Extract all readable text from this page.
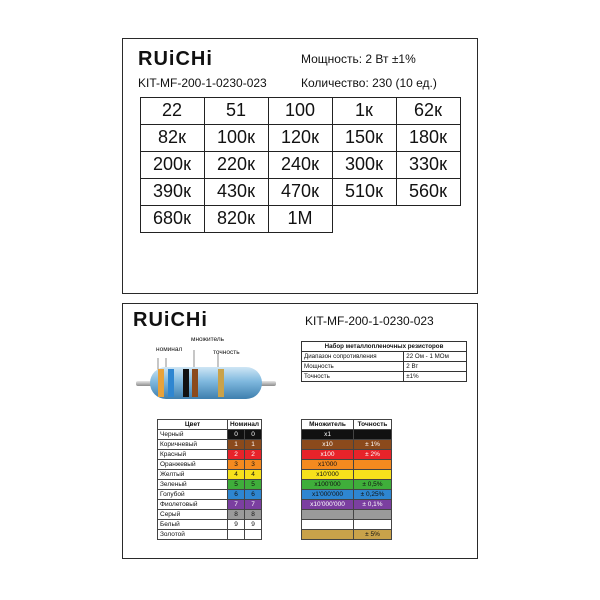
RUiCHi	Мощность: 2 Вт ±1%
KIT-MF-200-1-0230-023	Количество: 230 (10 ед.)
22	51	100	1к	62к
82к	100к	120к	150к	180к
200к	220к	240к	300к	330к
390к	430к	470к	510к	560к
680к	820к	1М
RUiCHi	KIT-MF-200-1-0230-023
множитель
номинал	точность
Набор металлопленочных резисторов	
Диапазон сопротивления	22 Ом - 1 МОм
Мощность	2 Вт
Точность	±1%
Цвет	Номинал	
Черный	0	0
Коричневый	1	1
Красный	2	2
Оранжевый	3	3
Желтый	4	4
Зеленый	5	5
Голубой	6	6
Фиолетовый	7	7
Серый	8	8
Белый	9	9
Золотой		
Множитель	Точность
x1	
x10	± 1%
x100	± 2%
x1'000	
x10'000	
x100'000	± 0,5%
x1'000'000	± 0,25%
x10'000'000	± 0,1%

	± 5%
